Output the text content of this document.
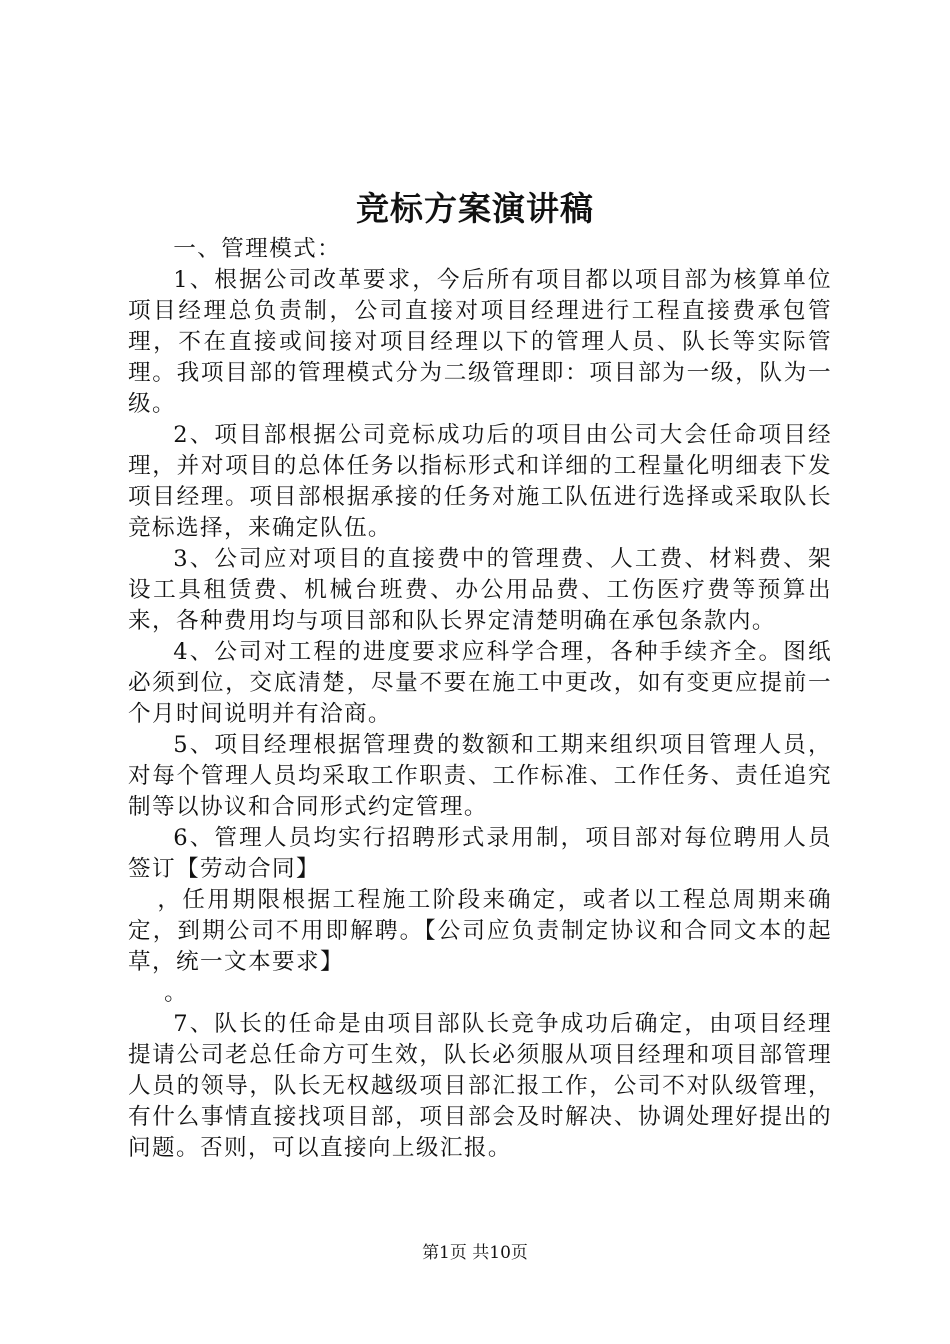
竞标方案演讲稿

一、管理模式：

1、根据公司改革要求，今后所有项目都以项目部为核算单位项目经理总负责制，公司直接对项目经理进行工程直接费承包管理，不在直接或间接对项目经理以下的管理人员、队长等实际管理。我项目部的管理模式分为二级管理即：项目部为一级，队为一级。

2、项目部根据公司竞标成功后的项目由公司大会任命项目经理，并对项目的总体任务以指标形式和详细的工程量化明细表下发项目经理。项目部根据承接的任务对施工队伍进行选择或采取队长竞标选择，来确定队伍。

3、公司应对项目的直接费中的管理费、人工费、材料费、架设工具租赁费、机械台班费、办公用品费、工伤医疗费等预算出来，各种费用均与项目部和队长界定清楚明确在承包条款内。

4、公司对工程的进度要求应科学合理，各种手续齐全。图纸必须到位，交底清楚，尽量不要在施工中更改，如有变更应提前一个月时间说明并有洽商。

5、项目经理根据管理费的数额和工期来组织项目管理人员，对每个管理人员均采取工作职责、工作标准、工作任务、责任追究制等以协议和合同形式约定管理。

6、管理人员均实行招聘形式录用制，项目部对每位聘用人员签订【劳动合同】

，任用期限根据工程施工阶段来确定，或者以工程总周期来确定，到期公司不用即解聘。【公司应负责制定协议和合同文本的起草，统一文本要求】

。

7、队长的任命是由项目部队长竞争成功后确定，由项目经理提请公司老总任命方可生效，队长必须服从项目经理和项目部管理人员的领导，队长无权越级项目部汇报工作，公司不对队级管理，有什么事情直接找项目部，项目部会及时解决、协调处理好提出的问题。否则，可以直接向上级汇报。

第1页 共10页
